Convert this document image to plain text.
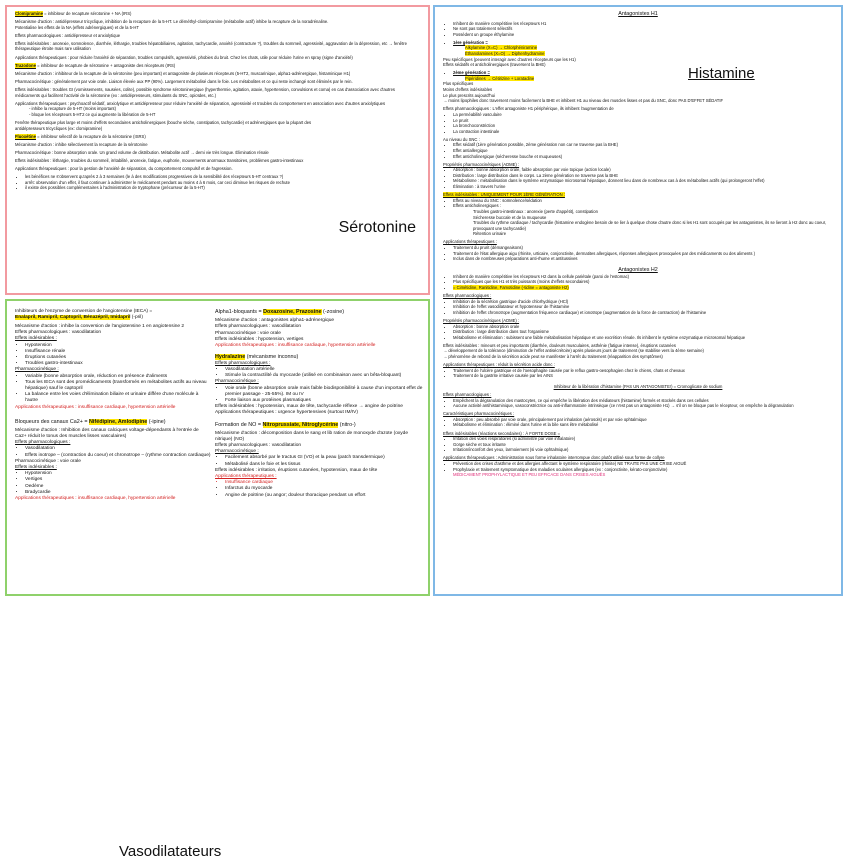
Clomipramine = inhibiteur de recapture sérotonine + NA (IRS)

Mécanisme d'action : antidépresseur tricyclique, inhibition de la recapture de la 5-HT. Le déméthyl-clomipramine (métabolite actif) inhibe la recapture de la noradrénaline.

Potentialise les effets de la NA (effets adrénergiques) et de la 5-HT

Effets pharmacologiques : antidépresseur et anxiolytique

Effets indésirables : anorexie, somnolence, diarrhée, léthargie, troubles hépatobiliaires, agitation, tachycardie, anxiété (contracture ?), troubles du sommeil, agressivité, aggravation de la dépression, etc → fenêtre thérapeutique étroite mais rare utilisation

Applications thérapeutiques : pour réduire l'anxiété de séparation, troubles compulsifs, agressivité, phobies du bruit. Chez les chats, utile pour réduire l'urine en spray (signe d'anxiété)

Trazodone = inhibiteur de recapture de sérotonine + antagoniste des récepteurs (IRS)

Mécanisme d'action : inhibiteur de la recapture de la sérotonine (peu important) et antagoniste de plusieurs récepteurs (5-HT2, muscarinique, alpha1-adrénergique, histaminique H1)

Pharmacocinétique : généralement par voie orale. Liaison élevée aux PP (90%). Largement métabolisé dans le foie. Les métabolites et ce qui reste inchangé sont éliminés par le rein.

Effets indésirables : troubles GI (vomissements, nausées, colite), possible syndrome sérotoninergique (hyperthermie, agitation, ataxie, hypertension, convulsions et coma) en cas d'association avec d'autres médicaments qui facilitent l'activité de la sérotonine (ex : antidépresseurs, stimulants du SNC, opioïdes, etc.)

Applications thérapeutiques : psychoactif sédatif, anxiolytique et antidépresseur pour réduire l'anxiété de séparation, agressivité et troubles du comportement en association avec d'autres anxiolytiques

- inhibe la recapture de 5-HT (moins important)

- bloque les récepteurs 5-HT2 ce qui augmente la libération de 5-HT

Fenêtre thérapeutique plus large et moins d'effets secondaires anticholinergiques (bouche sèche, constipation, tachycardie) et adrénergiques que la plupart des antidépresseurs tricycliques (ex: clomipramine)

Fluoxétine = inhibiteur sélectif de la recapture de la sérotonine (ISRS)

Mécanisme d'action : inhibe sélectivement la recapture de la sérotonine

Pharmacocinétique : bonne absorption orale. Un grand volume de distribution. Métabolite actif → demi vie très longue. Élimination rénale

Effets indésirables : léthargie, troubles du sommeil, irritabilité, anorexie, fatigue, euphorie, mouvements anormaux transitoires, problèmes gastro-intestinaux

Applications thérapeutiques : pour la gestion de l'anxiété de séparation, du comportement compulsif et de l'agression.

• les bénéfices ne s'observent qu'après 2 à 3 semaines (le à des modifications progressives de la sensibilité des récepteurs 5-HT centraux ?)
• arrêt: observation d'un effet, il faut continuer à administrer le médicament pendant au moins 4 à 6 mois, car ceci diminue les risques de rechute
• il existe des possibles complémentaires à l'administration de tryptophane (précurseur de la 5-HT)
Sérotonine

Inhibiteurs de l'enzyme de conversion de l'angiotensine (IECA) =
Enalapril, Ramipril, Captopril, Bénazépril, Imidapril (-pril)

Mécanisme d'action : inhibe la conversion de l'angiotensine 1 en angiotensine 2

Effets pharmacologiques : vasodilatation

Effets indésirables :

• Hypotension
• Insuffisance rénale
• Éruptions cutanées
• Troubles gastro-intestinaux

Pharmacocinétique :

• Variable (bonne absorption orale, réduction en présence d'aliments
• Tous les IECA sont des promédicaments (transformés en métabolites actifs au niveau hépatique) sauf le captopril
• La balance entre les voies d'élimination biliaire et urinaire diffère d'une molécule à l'autre

Applications thérapeutiques : insuffisance cardiaque, hypertension artérielle

Bloqueurs des canaux Ca2+ = Nifédipine, Amlodipine (-ipine)

Mécanisme d'action : Inhibition des canaux calciques voltage-dépendants à l'entrée de Ca2+ réduit le tonus des muscles lisses vasculaires)

Effets pharmacologiques :

• Vasodilatation
• Effets inotrope – (contraction du coeur) et chronotrope – (rythme contraction cardiaque)

Pharmacocinétique : voie orale

Effets indésirables :

• Hypotension
• Vertiges
• Oedème
• Bradycardie

Applications thérapeutiques : insuffisance cardiaque, hypertension artérielle

Alpha1-bloquants = Doxazosine, Prazosine (-zosine)

Mécanisme d'action : antagonistes alpha1-adrénergique

Effets pharmacologiques : vasodilatation

Pharmacocinétique : voie orale

Effets indésirables : hypotension, vertiges

Applications thérapeutiques : insuffisance cardiaque, hypertension artérielle

Hydralazine (mécanisme inconnu)

Effets pharmacologiques :

• Vasodilatation artérielle
• Stimule la contractilité du myocarde (utilisé en combinaison avec un bêta-bloquant)

Pharmacocinétique :

• Voie orale (bonne absorption orale mais faible biodisponibilité à cause d'un important effet de premier passage - 25-55%). IM ou IV
• Forte liaison aux protéines plasmatiques

Effets indésirables : hypotension, maux de tête, tachycardie réflexe → angine de poitrine

Applications thérapeutiques : urgence hypertensives (surtout IM/IV)

Formation de NO = Nitroprussiate, Nitroglycérine (nitro-)

Mécanisme d'action : décomposition dans le sang et lib ration de monoxyde d'azote (oxyde nitrique) (NO)

Effets pharmacologiques : vasodilatation

Pharmacocinétique :

• Facilement absorbé par le tractus GI (VO) et la peau (patch transdermique)
• Métabolisé dans le foie et les tissus

Effets indésirables : irritation, éruptions cutanées, hypotension, maux de tête

Applications thérapeutiques :

• Insuffisance cardiaque
• Infarctus du myocarde
• Angine de poitrine (ou angor; douleur thoracique pendant un effort
Vasodilatateurs

Antagonistes H1

• Inhibent de manière compétitive les récepteurs H1
• Ne sont pas totalement sélectifs
• Possèdent un groupe éthylamine
• 1ère génération =

Alkylamine (X=C) → Chlorphéniramine

Éthanolamines (X=O) → Diphenhydramine

Peu spécifiques (peuvent interagir avec d'autres récepteurs que les H1)

Effets sédatifs et anticholinergiques (traversent la BHE)

• 2ème génération =

Pipéridines → Cétirizine + Loratadine

Plus spécifiques

Moins d'effets indésirables

Le plus prescrits aujourd'hui

→ moins lipophiles donc traversent moins facilement la BHE et inhibent H1 au niveau des muscles lisses et pas du SNC, donc PAS D'EFFET SÉDATIF

Effets pharmacologiques : L'effet antagoniste H1 périphérique, ils inhibent l'augmentation de

• La perméabilité vasculaire
• Le prurit
• La bronchoconstriction
• La contraction intestinale

Au niveau du SNC :

• Effet sédatif (1ère génération possible, 2ème génération non car ne traverse pas la BHE)
• Effet antiallergique
• Effet anticholinergique (sécheresse bouche et muqueuses)

Propriétés pharmacocinétiques (ADME) :

• Absorption : bonne absorption orale, faible absorption par voie topique (action locale)
• Distribution : large distribution dans le corps. La 2ème génération ne traverse pas la BHE
• Métabolisme : métabolisation dans le système enzymatique microsomal hépatique, donnent lieu dans de nombreux cas à des métabolites actifs (qui prolongeront l'effet)
• Élimination : à travers l'urine

Effets indésirables : UNIQUEMENT POUR 1ÈRE GÉNÉRATION :

• Effets au niveau du SNC : somnolence/sédation
• Effets anticholinergiques :

Troubles gastro-intestinaux : anorexie (perte d'appétit), constipation

Sécheresse buccale et de la muqueuse

Troubles du rythme cardiaque / tachycardie (histamine endogène besoin de se lier à quelque chose d'autre donc si les H1 sont occupés par les antagonistes, ils se lieront à H2 donc au coeur, provoquant une tachycardie)

Rétention urinaire

Applications thérapeutiques :

• Traitement du prurit (démangeaisons)
• Traitement de l'état allergique aigu (rhinite, urticaire, conjonctivite, dermatites allergiques, réponses allergiques provoquées par des médicaments ou des aliments )
• Inclus dans de nombreuses préparations anti-rhume et antitussives

Antagonistes H2

• Inhibent de manière compétitive les récepteurs H2 dans la cellule pariétale (paroi de l'estomac)
• Plus spécifiques que les H1 et très puissants (moins d'effets secondaires)
• = Cimétidine, Ranitidine, Famotidine (-tidine = antagoniste H2)

Effets pharmacologiques :

• Inhibition de la sécrétion gastrique d'acide chlorhydrique (HCl)
• Inhibition de l'effet vasodilatateur et hypotenseur de l'histamine
• Inhibition de l'effet chronotrope (augmentation fréquence cardiaque) et ionotrope (augmentation de la force de contraction) de l'histamine

Propriétés pharmacocinétiques (ADME) :

• Absorption : bonne absorption orale
• Distribution : large distribution dans tout l'organisme
• Métabolisme et élimination : subissent une faible métabolisation hépatique et une excrétion rénale. Ils inhibent le système enzymatique microsomal hépatique

Effets indésirables : mineurs et peu importants (diarrhée, douleurs musculaires, asthénie (fatigue intense), éruptions cutanées

→ développement de la tolérance (diminution de l'effet antisécrétoire) après plusieurs jours de traitement (se stabilise vers la 4ème semaine)

→ phénomène de rebond de la sécrétion acide peut se manifester à l'arrêt du traitement (réapparition des symptômes)

Applications thérapeutiques : réduit la sécrétion acide donc :

• Traitement de l'ulcère gastrique et de l'oesophagite causée par le reflux gastro-oesophagien chez le chiens, chats et chevaux
• Traitement de la gastrite irritative causée par les AINS

Inhibiteur de la libération d'histamine (PAS UN ANTAGONISTE!) = Cromoglicate de sodium

Effets pharmacologiques :

• Empêchent la dégranulation des mastocytes, ce qui empêche la libération des médiateurs (histamine) formés et stockés dans ces cellules
• Aucune activité antihistaminique, vasoconstrictrice ou anti-inflammatoire intrinsèque (ce n'est pas un antagoniste H1) → s'il on ne bloque pas le récepteur, on empêche la dégranulation

Caractéristiques pharmacocinétiques :

• Absorption : peu absorbé par voie orale, principalement par inhalation (aérosols) et par voie ophtalmique
• Métabolisme et élimination : éliminé dans l'urine et la bile sans être métabolisé

Effets indésirables (réactions secondaires) : À FORTE DOSE =

• Irritation des voies respiratoires (si administré par voie inhalatoire)
• Gorge sèche et toux irritante
• Irritation/inconfort des yeux, larmoiement (si voie ophtalmique)

Applications thérapeutiques : Administration sous forme inhalatoire interrompue donc plutôt utilisé sous forme de collyre

• Prévention des crises d'asthme et des allergies affectant le système respiratoire (rhinite) NE TRAITE PAS UNE CRISE AIGUË
• Prophylaxie et traitement symptomatique des maladies oculaires allergiques (ex : conjonctivite, kérato-conjonctivite)

MÉDICAMENT PROPHYLACTIQUE ET PEU EFFICACE DANS CRISES AIGUËS

Histamine
